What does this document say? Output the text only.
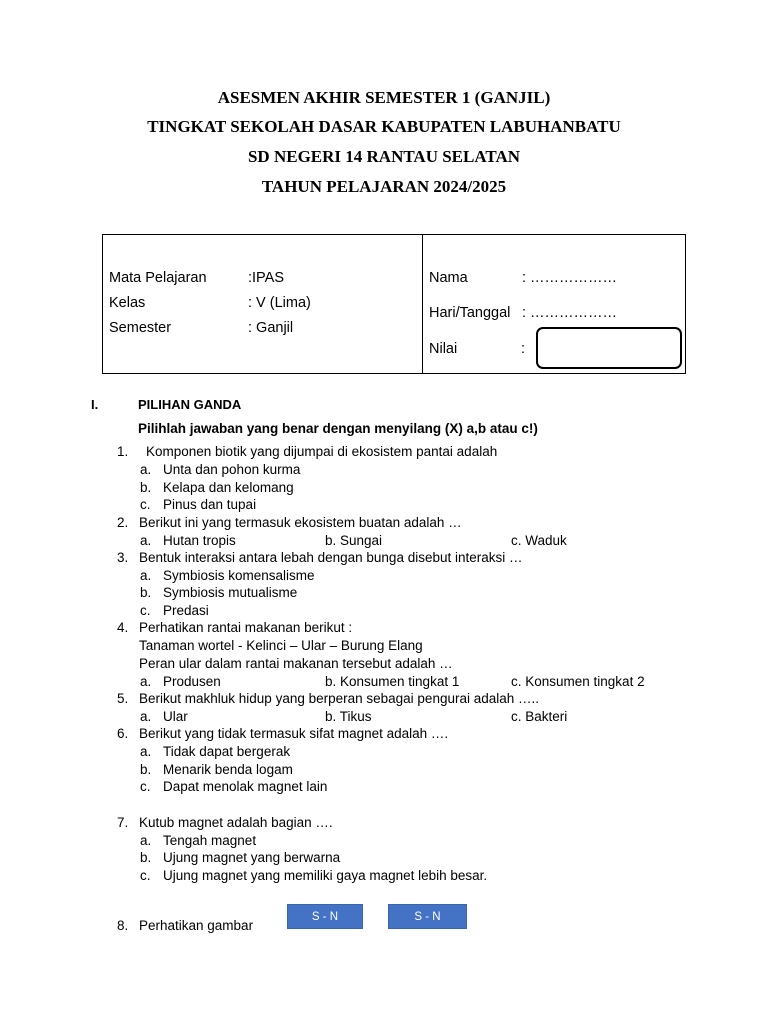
ASESMEN AKHIR SEMESTER 1 (GANJIL)
TINGKAT SEKOLAH DASAR KABUPATEN LABUHANBATU
SD NEGERI 14 RANTAU SELATAN
TAHUN PELAJARAN 2024/2025
Mata Pelajaran	:IPAS
Kelas	: V (Lima)
Semester	: Ganjil
Nama	: ………………
Hari/Tanggal : ………………
Nilai	:
I.	PILIHAN GANDA
Pilihlah jawaban yang benar dengan menyilang (X) a,b atau c!)
1. Komponen biotik yang dijumpai di ekosistem pantai adalah
a. Unta dan pohon kurma
b. Kelapa dan kelomang
c. Pinus dan tupai
2. Berikut ini yang termasuk ekosistem buatan adalah …
a. Hutan tropis	b. Sungai	c. Waduk
3. Bentuk interaksi antara lebah dengan bunga disebut interaksi …
a. Symbiosis komensalisme
b. Symbiosis mutualisme
c. Predasi
4. Perhatikan rantai makanan berikut :
Tanaman wortel - Kelinci – Ular – Burung Elang
Peran ular dalam rantai makanan tersebut adalah …
a. Produsen	b. Konsumen tingkat 1	c. Konsumen tingkat 2
5. Berikut makhluk hidup yang berperan sebagai pengurai adalah …..
a. Ular	b. Tikus	c. Bakteri
6. Berikut yang tidak termasuk sifat magnet adalah ….
a. Tidak dapat bergerak
b. Menarik benda logam
c. Dapat menolak magnet lain
7. Kutub magnet adalah bagian ….
a. Tengah magnet
b. Ujung magnet yang berwarna
c. Ujung magnet yang memiliki gaya magnet lebih besar.
8. Perhatikan gambar
S - N	S - N
